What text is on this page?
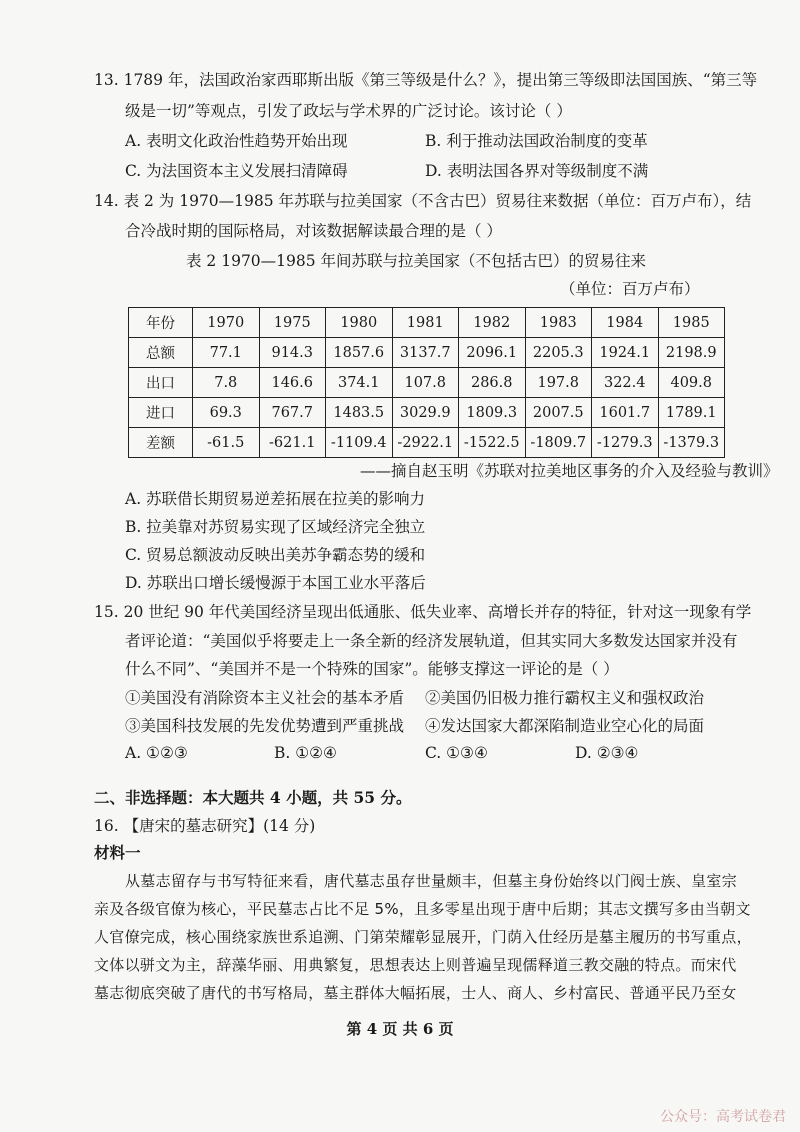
13. 1789 年，法国政治家西耶斯出版《第三等级是什么？》，提出第三等级即法国国族、“第三等
级是一切”等观点，引发了政坛与学术界的广泛讨论。该讨论（ ）
A. 表明文化政治性趋势开始出现	B. 利于推动法国政治制度的变革
C. 为法国资本主义发展扫清障碍	D. 表明法国各界对等级制度不满
14. 表 2 为 1970—1985 年苏联与拉美国家（不含古巴）贸易往来数据（单位：百万卢布），结
合冷战时期的国际格局，对该数据解读最合理的是（ ）
表 2 1970—1985 年间苏联与拉美国家（不包括古巴）的贸易往来
（单位：百万卢布）
年份	1970	1975	1980	1981	1982	1983	1984	1985
总额	77.1	914.3	1857.6	3137.7	2096.1	2205.3	1924.1	2198.9
出口	7.8	146.6	374.1	107.8	286.8	197.8	322.4	409.8
进口	69.3	767.7	1483.5	3029.9	1809.3	2007.5	1601.7	1789.1
差额	-61.5	-621.1	-1109.4	-2922.1	-1522.5	-1809.7	-1279.3	-1379.3
——摘自赵玉明《苏联对拉美地区事务的介入及经验与教训》
A. 苏联借长期贸易逆差拓展在拉美的影响力
B. 拉美靠对苏贸易实现了区域经济完全独立
C. 贸易总额波动反映出美苏争霸态势的缓和
D. 苏联出口增长缓慢源于本国工业水平落后
15. 20 世纪 90 年代美国经济呈现出低通胀、低失业率、高增长并存的特征，针对这一现象有学
者评论道：“美国似乎将要走上一条全新的经济发展轨道，但其实同大多数发达国家并没有
什么不同”、“美国并不是一个特殊的国家”。能够支撑这一评论的是（ ）
①美国没有消除资本主义社会的基本矛盾 ②美国仍旧极力推行霸权主义和强权政治
③美国科技发展的先发优势遭到严重挑战 ④发达国家大都深陷制造业空心化的局面
A. ①②③	B. ①②④	C. ①③④	D. ②③④
二、非选择题：本大题共 4 小题，共 55 分。
16. 【唐宋的墓志研究】(14 分)
材料一
从墓志留存与书写特征来看，唐代墓志虽存世量颇丰，但墓主身份始终以门阀士族、皇室宗
亲及各级官僚为核心，平民墓志占比不足 5%，且多零星出现于唐中后期；其志文撰写多由当朝文
人官僚完成，核心围绕家族世系追溯、门第荣耀彰显展开，门荫入仕经历是墓主履历的书写重点，
文体以骈文为主，辞藻华丽、用典繁复，思想表达上则普遍呈现儒释道三教交融的特点。而宋代
墓志彻底突破了唐代的书写格局，墓主群体大幅拓展，士人、商人、乡村富民、普通平民乃至女
第 4 页 共 6 页
公众号：高考试卷君
